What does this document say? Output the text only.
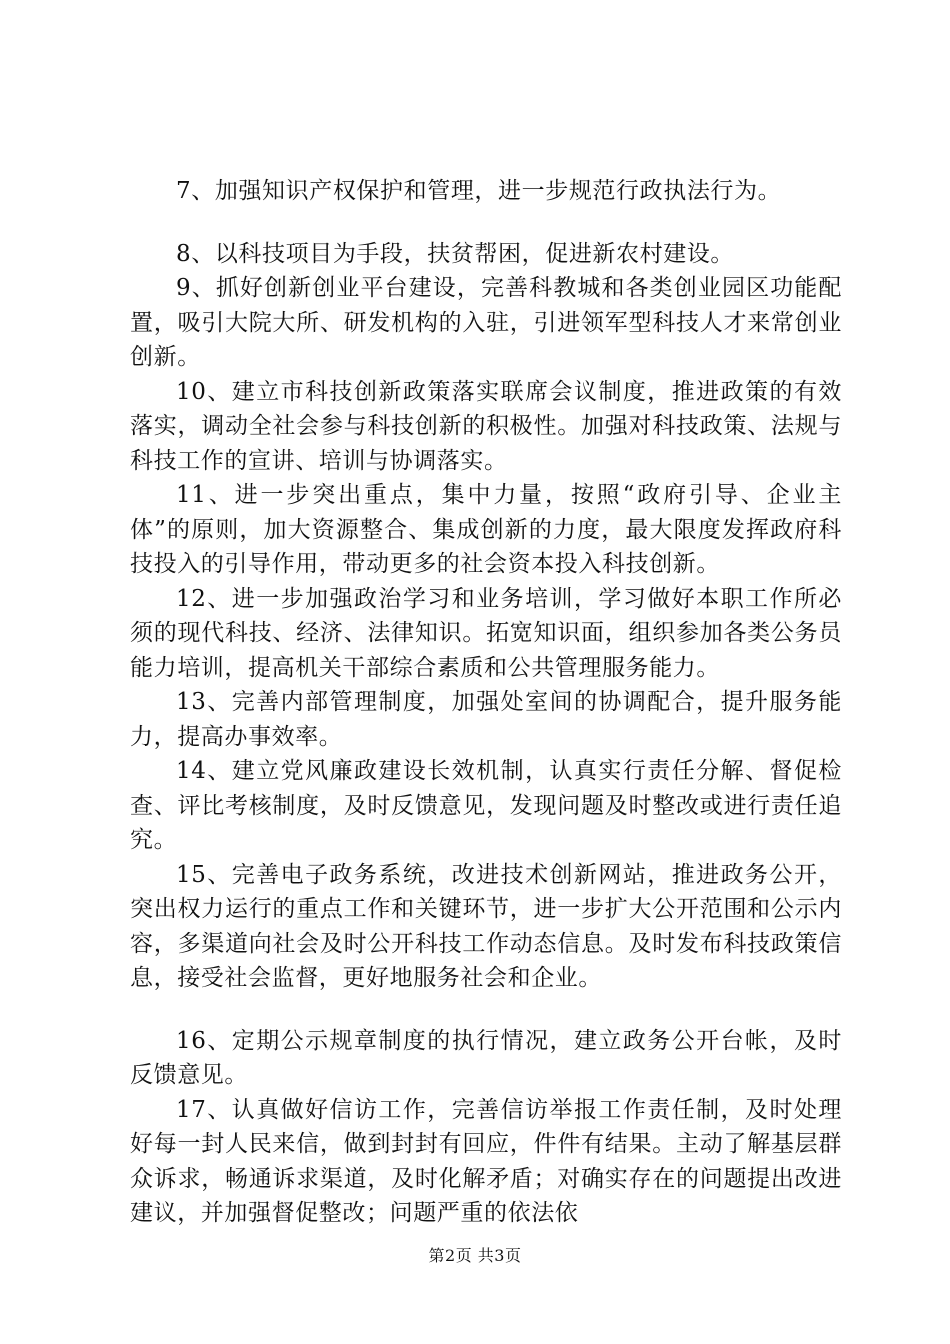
7、加强知识产权保护和管理，进一步规范行政执法行为。

8、以科技项目为手段，扶贫帮困，促进新农村建设。

9、抓好创新创业平台建设，完善科教城和各类创业园区功能配置，吸引大院大所、研发机构的入驻，引进领军型科技人才来常创业创新。

10、建立市科技创新政策落实联席会议制度，推进政策的有效落实，调动全社会参与科技创新的积极性。加强对科技政策、法规与科技工作的宣讲、培训与协调落实。

11、进一步突出重点，集中力量，按照“政府引导、企业主体”的原则，加大资源整合、集成创新的力度，最大限度发挥政府科技投入的引导作用，带动更多的社会资本投入科技创新。

12、进一步加强政治学习和业务培训，学习做好本职工作所必须的现代科技、经济、法律知识。拓宽知识面，组织参加各类公务员能力培训，提高机关干部综合素质和公共管理服务能力。

13、完善内部管理制度，加强处室间的协调配合，提升服务能力，提高办事效率。

14、建立党风廉政建设长效机制，认真实行责任分解、督促检查、评比考核制度，及时反馈意见，发现问题及时整改或进行责任追究。

15、完善电子政务系统，改进技术创新网站，推进政务公开，突出权力运行的重点工作和关键环节，进一步扩大公开范围和公示内容，多渠道向社会及时公开科技工作动态信息。及时发布科技政策信息，接受社会监督，更好地服务社会和企业。

16、定期公示规章制度的执行情况，建立政务公开台帐，及时反馈意见。

17、认真做好信访工作，完善信访举报工作责任制，及时处理好每一封人民来信，做到封封有回应，件件有结果。主动了解基层群众诉求，畅通诉求渠道，及时化解矛盾；对确实存在的问题提出改进建议，并加强督促整改；问题严重的依法依

第2页 共3页
